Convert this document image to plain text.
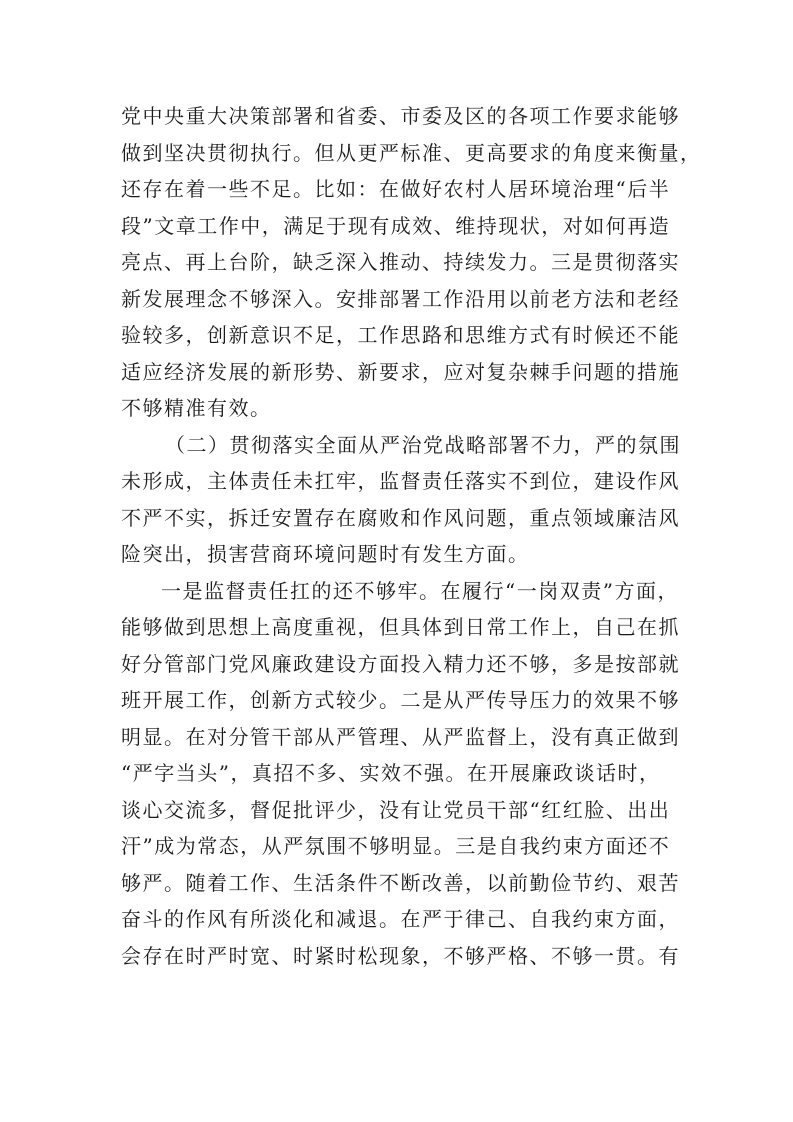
党中央重大决策部署和省委、市委及区的各项工作要求能够
做到坚决贯彻执行。但从更严标准、更高要求的角度来衡量，
还存在着一些不足。比如：在做好农村人居环境治理“后半
段”文章工作中，满足于现有成效、维持现状，对如何再造
亮点、再上台阶，缺乏深入推动、持续发力。三是贯彻落实
新发展理念不够深入。安排部署工作沿用以前老方法和老经
验较多，创新意识不足，工作思路和思维方式有时候还不能
适应经济发展的新形势、新要求，应对复杂棘手问题的措施
不够精准有效。
（二）贯彻落实全面从严治党战略部署不力，严的氛围
未形成，主体责任未扛牢，监督责任落实不到位，建设作风
不严不实，拆迁安置存在腐败和作风问题，重点领域廉洁风
险突出，损害营商环境问题时有发生方面。
一是监督责任扛的还不够牢。在履行“一岗双责”方面，
能够做到思想上高度重视，但具体到日常工作上，自己在抓
好分管部门党风廉政建设方面投入精力还不够，多是按部就
班开展工作，创新方式较少。二是从严传导压力的效果不够
明显。在对分管干部从严管理、从严监督上，没有真正做到
“严字当头”，真招不多、实效不强。在开展廉政谈话时，
谈心交流多，督促批评少，没有让党员干部“红红脸、出出
汗”成为常态，从严氛围不够明显。三是自我约束方面还不
够严。随着工作、生活条件不断改善，以前勤俭节约、艰苦
奋斗的作风有所淡化和减退。在严于律己、自我约束方面，
会存在时严时宽、时紧时松现象，不够严格、不够一贯。有
